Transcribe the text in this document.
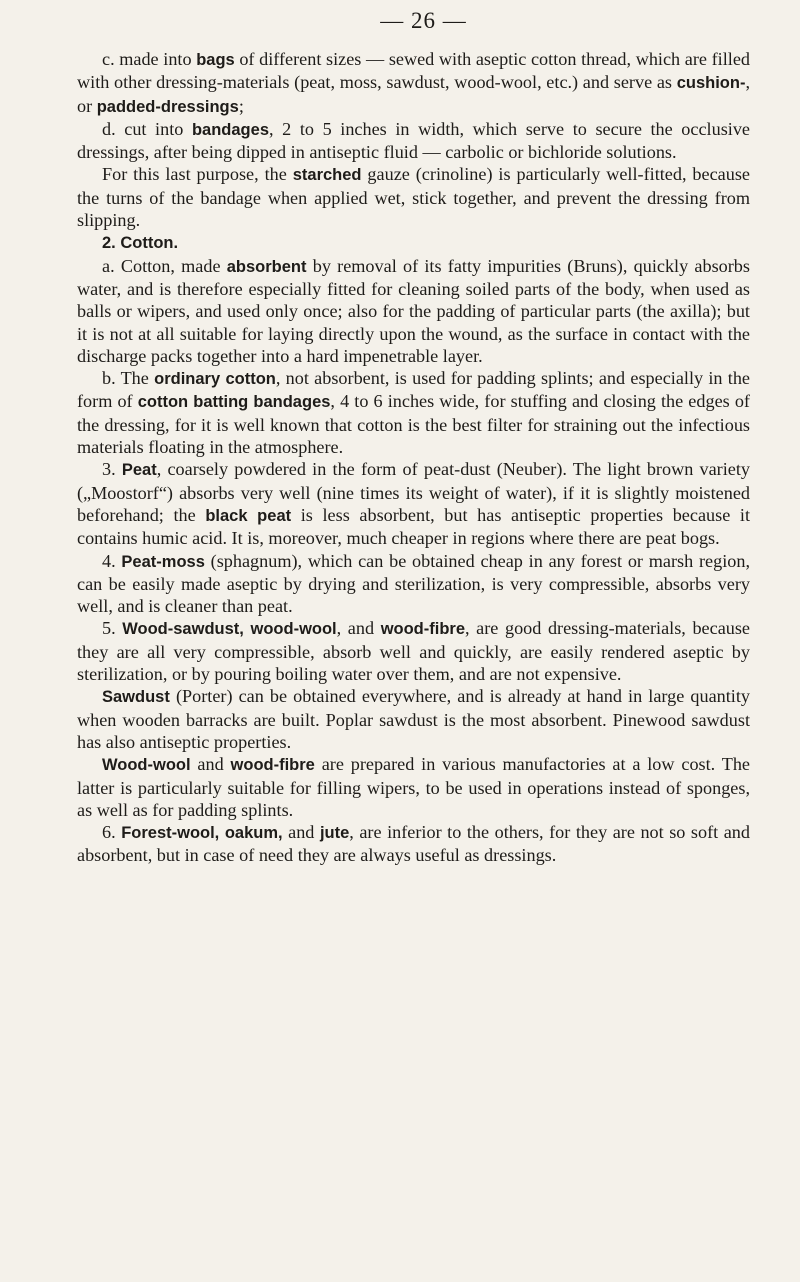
— 26 —

c. made into bags of different sizes — sewed with aseptic cotton thread, which are filled with other dressing-materials (peat, moss, sawdust, wood-wool, etc.) and serve as cushion-, or padded-dressings;

d. cut into bandages, 2 to 5 inches in width, which serve to secure the occlusive dressings, after being dipped in antiseptic fluid — carbolic or bichloride solutions.

For this last purpose, the starched gauze (crinoline) is particularly well-fitted, because the turns of the bandage when applied wet, stick together, and prevent the dressing from slipping.

2. Cotton.

a. Cotton, made absorbent by removal of its fatty impurities (Bruns), quickly absorbs water, and is therefore especially fitted for cleaning soiled parts of the body, when used as balls or wipers, and used only once; also for the padding of particular parts (the axilla); but it is not at all suitable for laying directly upon the wound, as the surface in contact with the discharge packs together into a hard impenetrable layer.

b. The ordinary cotton, not absorbent, is used for padding splints; and especially in the form of cotton batting bandages, 4 to 6 inches wide, for stuffing and closing the edges of the dressing, for it is well known that cotton is the best filter for straining out the infectious materials floating in the atmosphere.

3. Peat, coarsely powdered in the form of peat-dust (Neuber). The light brown variety („Moostorf“) absorbs very well (nine times its weight of water), if it is slightly moistened beforehand; the black peat is less absorbent, but has antiseptic properties because it contains humic acid. It is, moreover, much cheaper in regions where there are peat bogs.

4. Peat-moss (sphagnum), which can be obtained cheap in any forest or marsh region, can be easily made aseptic by drying and sterilization, is very compressible, absorbs very well, and is cleaner than peat.

5. Wood-sawdust, wood-wool, and wood-fibre, are good dressing-materials, because they are all very compressible, absorb well and quickly, are easily rendered aseptic by sterilization, or by pouring boiling water over them, and are not expensive.

Sawdust (Porter) can be obtained everywhere, and is already at hand in large quantity when wooden barracks are built. Poplar sawdust is the most absorbent. Pinewood sawdust has also antiseptic properties.

Wood-wool and wood-fibre are prepared in various manufactories at a low cost. The latter is particularly suitable for filling wipers, to be used in operations instead of sponges, as well as for padding splints.

6. Forest-wool, oakum, and jute, are inferior to the others, for they are not so soft and absorbent, but in case of need they are always useful as dressings.
